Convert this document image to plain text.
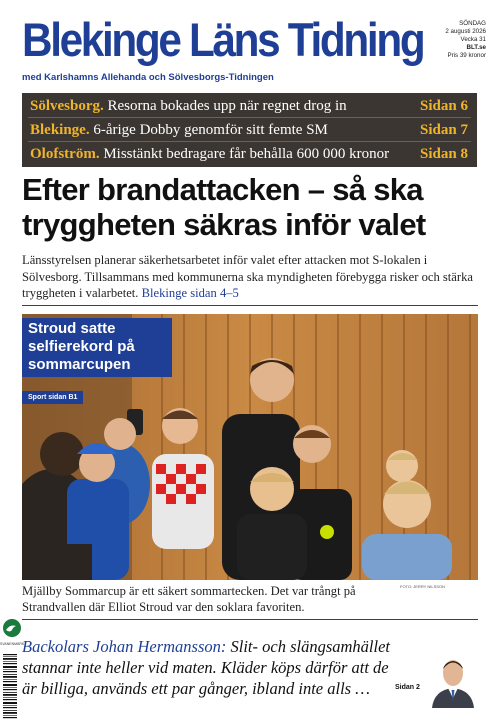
Blekinge Läns Tidning
med Karlshamns Allehanda och Sölvesborgs-Tidningen
SÖNDAG
2 augusti 2026
Vecka 31
BLT.se
Pris 39 kronor
Sölvesborg. Resorna bokades upp när regnet drog in	Sidan 6
Blekinge. 6-årige Dobby genomför sitt femte SM	Sidan 7
Olofström. Misstänkt bedragare får behålla 600 000 kronor Sidan 8
Efter brandattacken – så ska tryggheten säkras inför valet
Länsstyrelsen planerar säkerhetsarbetet inför valet efter attacken mot S-lokalen i Sölvesborg. Tillsammans med kommunerna ska myndigheten förebygga risker och stärka tryggheten i valarbetet. Blekinge sidan 4–5
Stroud satte selfierekord på sommarcupen
Sport sidan B1
FOTO: JERRY NILSSON
Mjällby Sommarcup är ett säkert sommartecken. Det var trångt på Strandvallen där Elliot Stroud var den soklara favoriten.
SVANENMÄRKT
Backolars Johan Hermansson: Slit- och slängsamhället stannar inte heller vid maten. Kläder köps därför att de är billiga, används ett par gånger, ibland inte alls …	Sidan 2
